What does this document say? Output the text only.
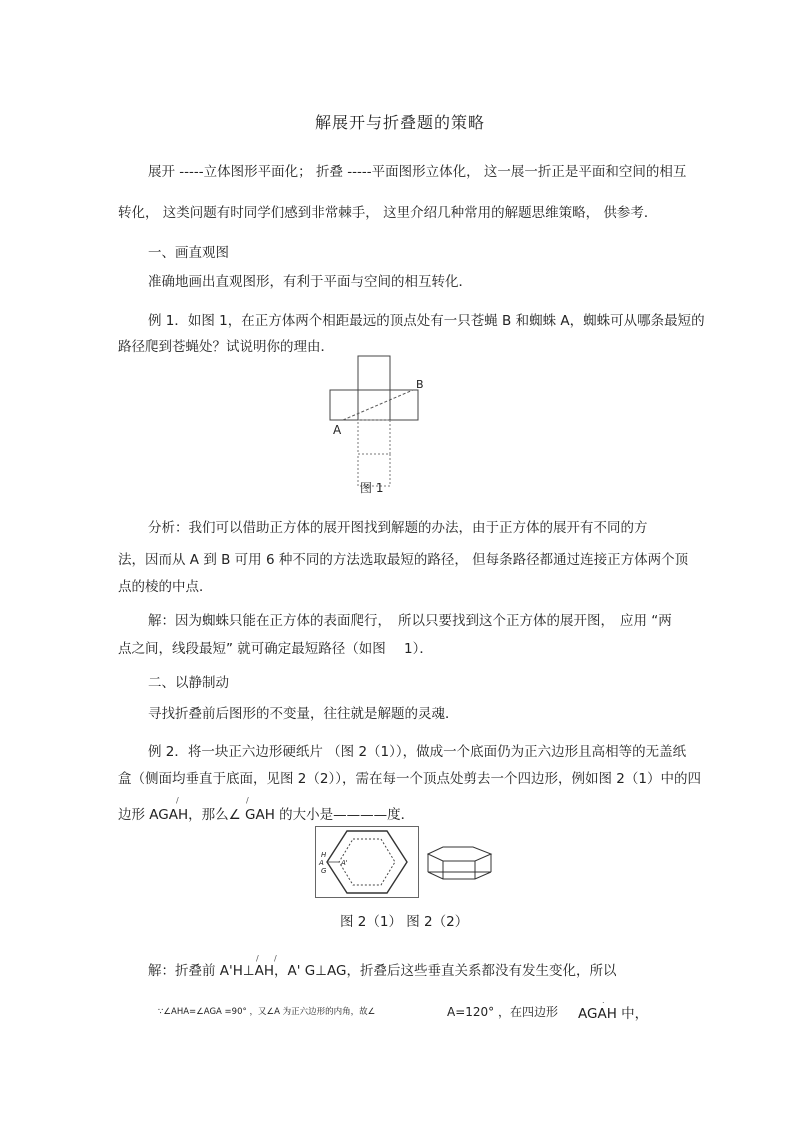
解展开与折叠题的策略
展开 -----立体图形平面化； 折叠 -----平面图形立体化， 这一展一折正是平面和空间的相互
转化， 这类问题有时同学们感到非常棘手， 这里介绍几种常用的解题思维策略， 供参考．
一、画直观图
准确地画出直观图形，有利于平面与空间的相互转化．
例 1．如图 1，在正方体两个相距最远的顶点处有一只苍蝇 B 和蜘蛛 A，蜘蛛可从哪条最短的
路径爬到苍蝇处？试说明你的理由．
A
B
图 1
分析：我们可以借助正方体的展开图找到解题的办法，由于正方体的展开有不同的方
法，因而从 A 到 B 可用 6 种不同的方法选取最短的路径， 但每条路径都通过连接正方体两个顶
点的棱的中点．
解：因为蜘蛛只能在正方体的表面爬行， 所以只要找到这个正方体的展开图， 应用 “两
点之间，线段最短” 就可确定最短路径（如图 1）．
二、以静制动
寻找折叠前后图形的不变量，往往就是解题的灵魂．
例 2．将一块正六边形硬纸片 （图 2（1）），做成一个底面仍为正六边形且高相等的无盖纸
盒（侧面均垂直于底面，见图 2（2）），需在每一个顶点处剪去一个四边形，例如图 2（1）中的四
/	/
边形 AGAH，那么∠ GAH 的大小是————度．
H
A A'
G
图 2（1） 图 2（2）
/ /
解：折叠前 A'H⊥AH，A' G⊥AG，折叠后这些垂直关系都没有发生变化，所以
∵∠AHA=∠AGA =90° ，又∠A 为正六边形的内角，故∠	A=120° ，在四边形
.
AGAH 中，
